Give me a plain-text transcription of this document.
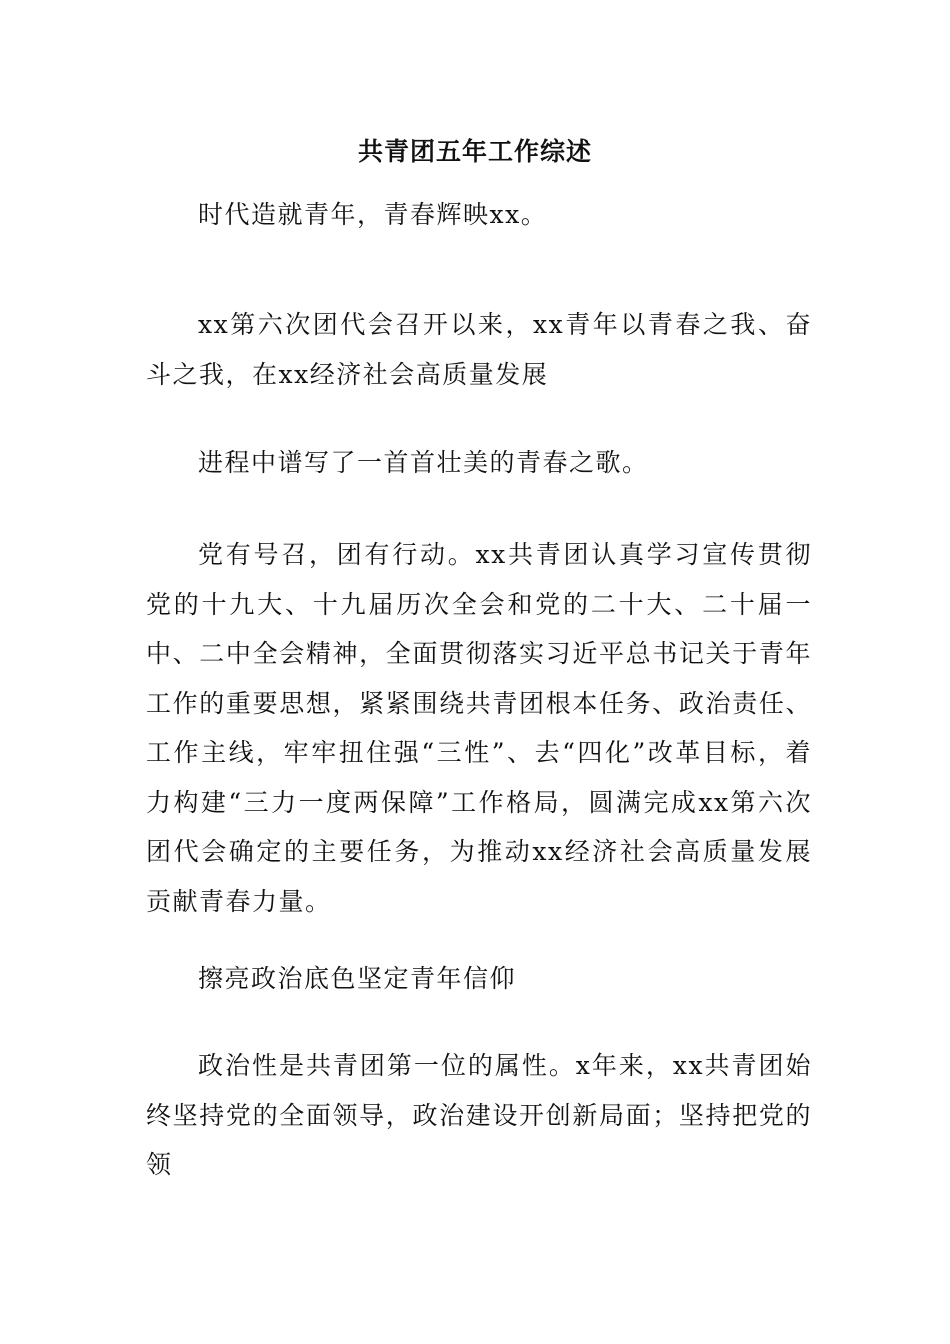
共青团五年工作综述

时代造就青年，青春辉映xx。

xx第六次团代会召开以来，xx青年以青春之我、奋斗之我，在xx经济社会高质量发展

进程中谱写了一首首壮美的青春之歌。

党有号召，团有行动。xx共青团认真学习宣传贯彻党的十九大、十九届历次全会和党的二十大、二十届一中、二中全会精神，全面贯彻落实习近平总书记关于青年工作的重要思想，紧紧围绕共青团根本任务、政治责任、工作主线，牢牢扭住强“三性”、去“四化”改革目标，着力构建“三力一度两保障”工作格局，圆满完成xx第六次团代会确定的主要任务，为推动xx经济社会高质量发展贡献青春力量。

擦亮政治底色坚定青年信仰

政治性是共青团第一位的属性。x年来，xx共青团始终坚持党的全面领导，政治建设开创新局面；坚持把党的领
